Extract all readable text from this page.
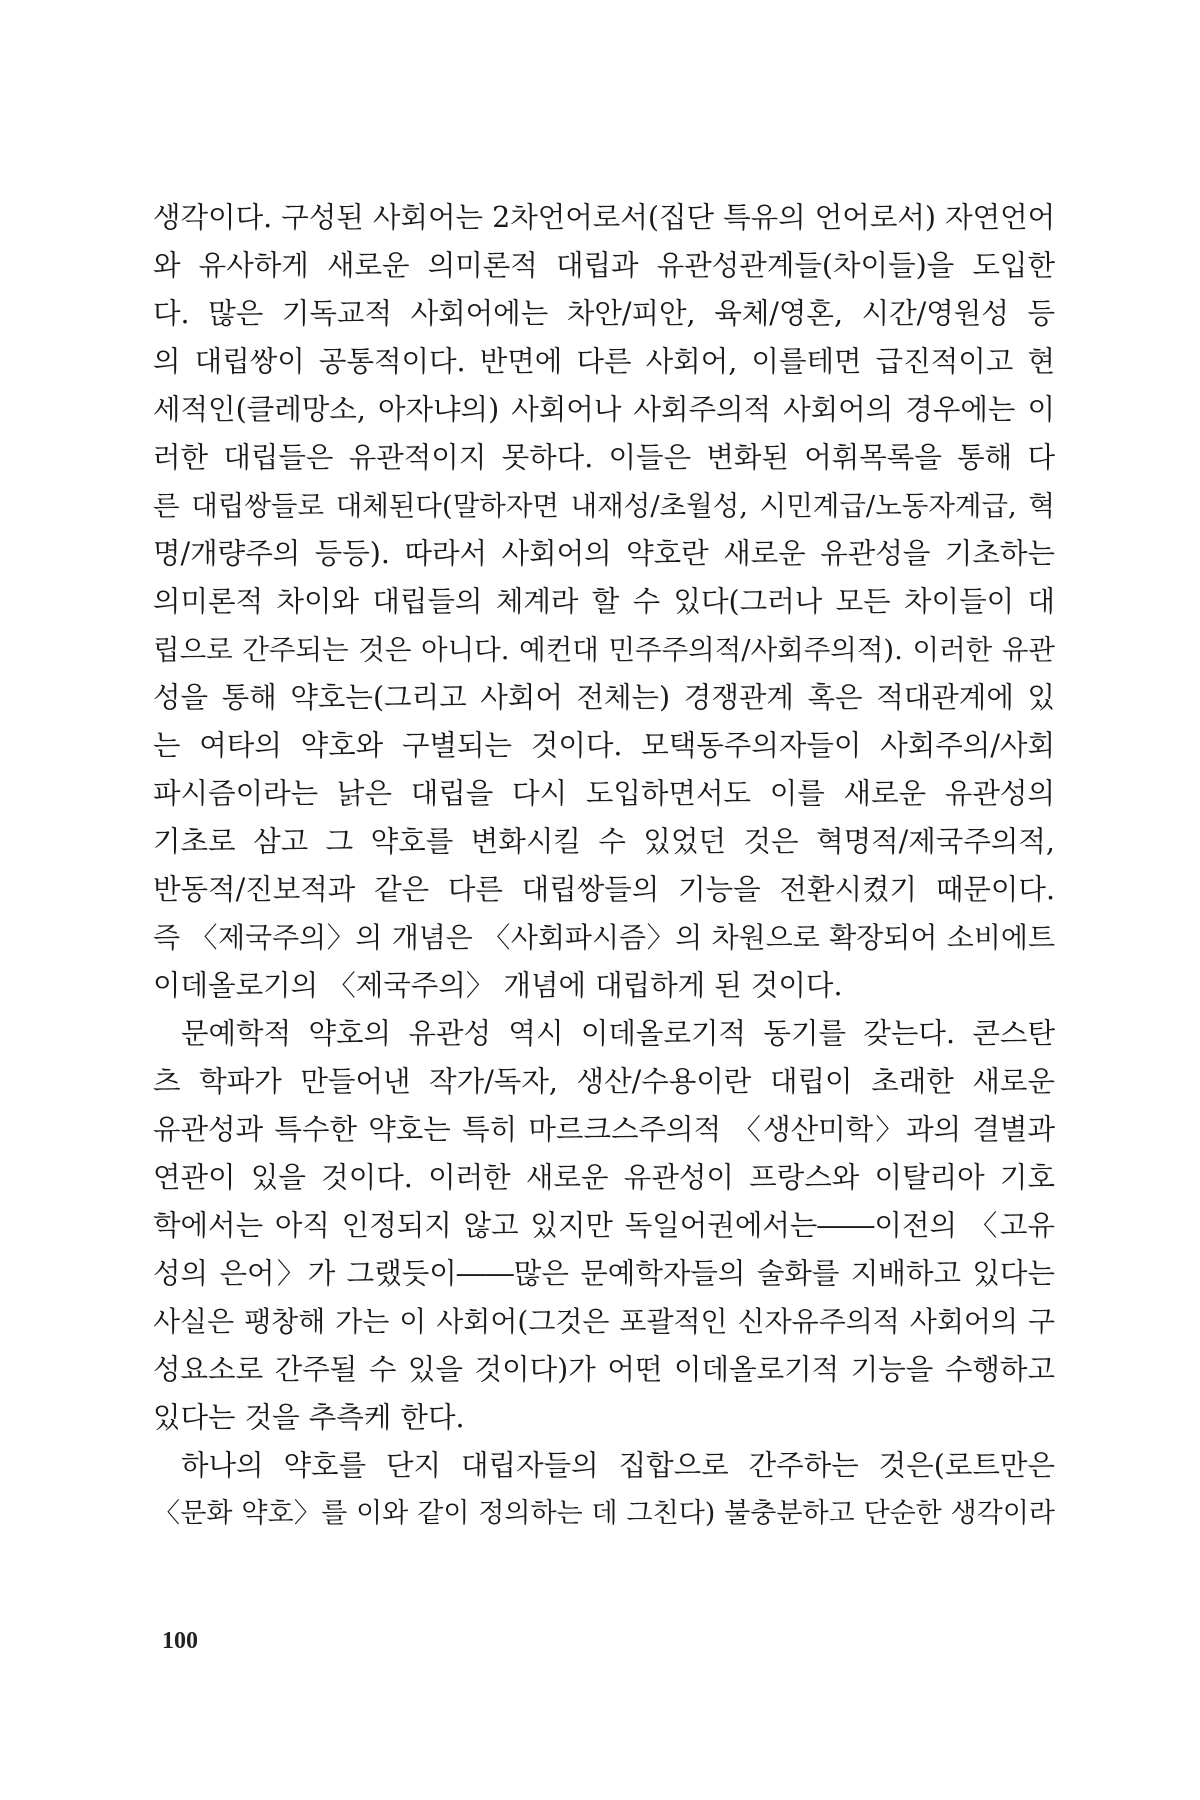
생각이다. 구성된 사회어는 2차언어로서(집단 특유의 언어로서) 자연언어
와 유사하게 새로운 의미론적 대립과 유관성관계들(차이들)을 도입한
다. 많은 기독교적 사회어에는 차안/피안, 육체/영혼, 시간/영원성 등
의 대립쌍이 공통적이다. 반면에 다른 사회어, 이를테면 급진적이고 현
세적인(클레망소, 아자냐의) 사회어나 사회주의적 사회어의 경우에는 이
러한 대립들은 유관적이지 못하다. 이들은 변화된 어휘목록을 통해 다
른 대립쌍들로 대체된다(말하자면 내재성/초월성, 시민계급/노동자계급, 혁
명/개량주의 등등). 따라서 사회어의 약호란 새로운 유관성을 기초하는
의미론적 차이와 대립들의 체계라 할 수 있다(그러나 모든 차이들이 대
립으로 간주되는 것은 아니다. 예컨대 민주주의적/사회주의적). 이러한 유관
성을 통해 약호는(그리고 사회어 전체는) 경쟁관계 혹은 적대관계에 있
는 여타의 약호와 구별되는 것이다. 모택동주의자들이 사회주의/사회
파시즘이라는 낡은 대립을 다시 도입하면서도 이를 새로운 유관성의
기초로 삼고 그 약호를 변화시킬 수 있었던 것은 혁명적/제국주의적,
반동적/진보적과 같은 다른 대립쌍들의 기능을 전환시켰기 때문이다.
즉 〈제국주의〉의 개념은 〈사회파시즘〉의 차원으로 확장되어 소비에트
이데올로기의 〈제국주의〉 개념에 대립하게 된 것이다.
문예학적 약호의 유관성 역시 이데올로기적 동기를 갖는다. 콘스탄
츠 학파가 만들어낸 작가/독자, 생산/수용이란 대립이 초래한 새로운
유관성과 특수한 약호는 특히 마르크스주의적 〈생산미학〉과의 결별과
연관이 있을 것이다. 이러한 새로운 유관성이 프랑스와 이탈리아 기호
학에서는 아직 인정되지 않고 있지만 독일어권에서는――이전의 〈고유
성의 은어〉가 그랬듯이――많은 문예학자들의 술화를 지배하고 있다는
사실은 팽창해 가는 이 사회어(그것은 포괄적인 신자유주의적 사회어의 구
성요소로 간주될 수 있을 것이다)가 어떤 이데올로기적 기능을 수행하고
있다는 것을 추측케 한다.
하나의 약호를 단지 대립자들의 집합으로 간주하는 것은(로트만은
〈문화 약호〉를 이와 같이 정의하는 데 그친다) 불충분하고 단순한 생각이라
100
